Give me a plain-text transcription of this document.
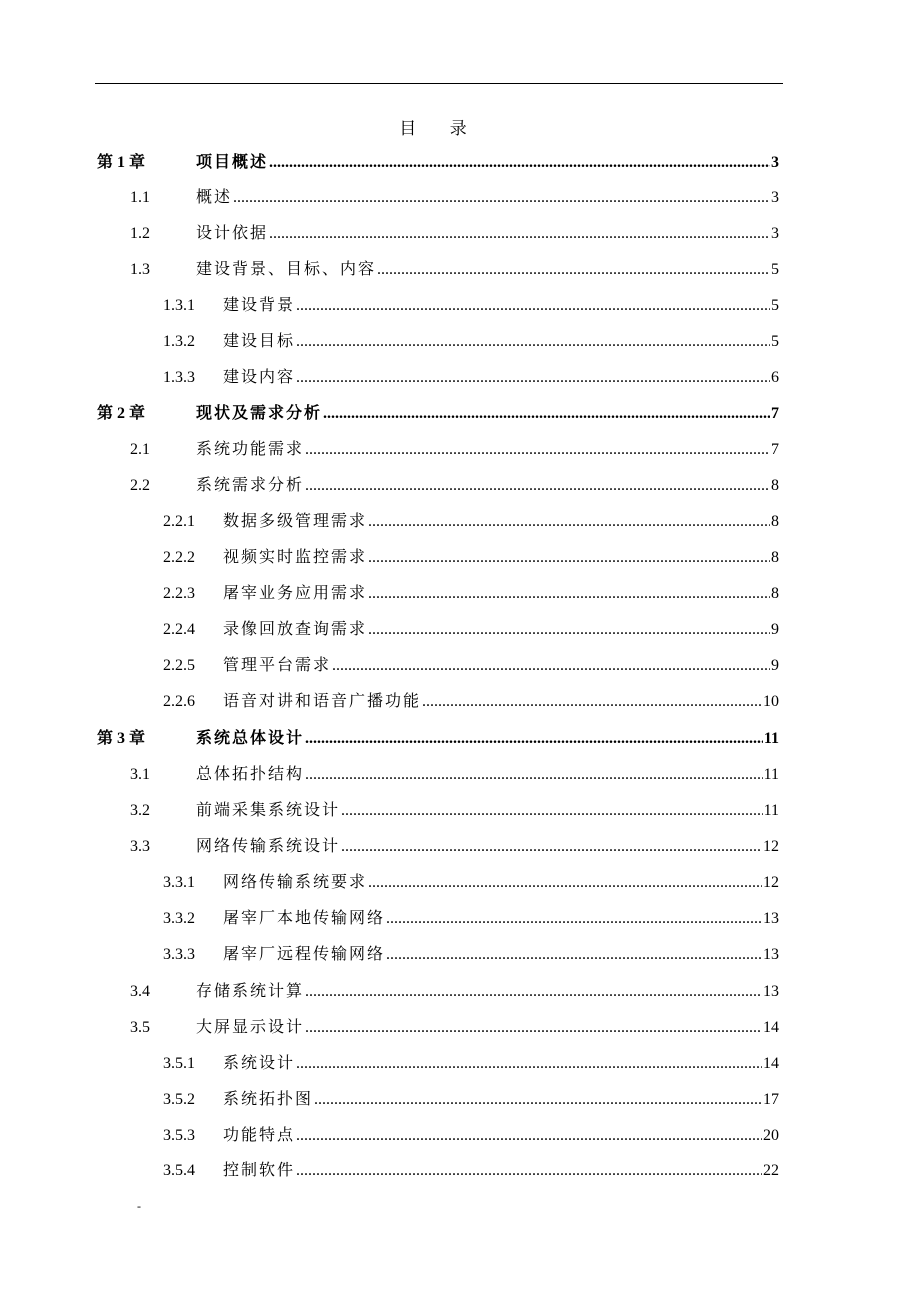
目 录
第 1 章	项目概述 .....	3
1.1	概述 .....	3
1.2	设计依据 .....	3
1.3	建设背景、目标、内容 .....	5
1.3.1	建设背景 .....	5
1.3.2	建设目标 .....	5
1.3.3	建设内容 .....	6
第 2 章	现状及需求分析 .....	7
2.1	系统功能需求 .....	7
2.2	系统需求分析 .....	8
2.2.1	数据多级管理需求 .....	8
2.2.2	视频实时监控需求 .....	8
2.2.3	屠宰业务应用需求 .....	8
2.2.4	录像回放查询需求 .....	9
2.2.5	管理平台需求 .....	9
2.2.6	语音对讲和语音广播功能 .....	10
第 3 章	系统总体设计 .....	11
3.1	总体拓扑结构 .....	11
3.2	前端采集系统设计 .....	11
3.3	网络传输系统设计 .....	12
3.3.1	网络传输系统要求 .....	12
3.3.2	屠宰厂本地传输网络 .....	13
3.3.3	屠宰厂远程传输网络 .....	13
3.4	存储系统计算 .....	13
3.5	大屏显示设计 .....	14
3.5.1	系统设计 .....	14
3.5.2	系统拓扑图 .....	17
3.5.3	功能特点 .....	20
3.5.4	控制软件 .....	22
-
